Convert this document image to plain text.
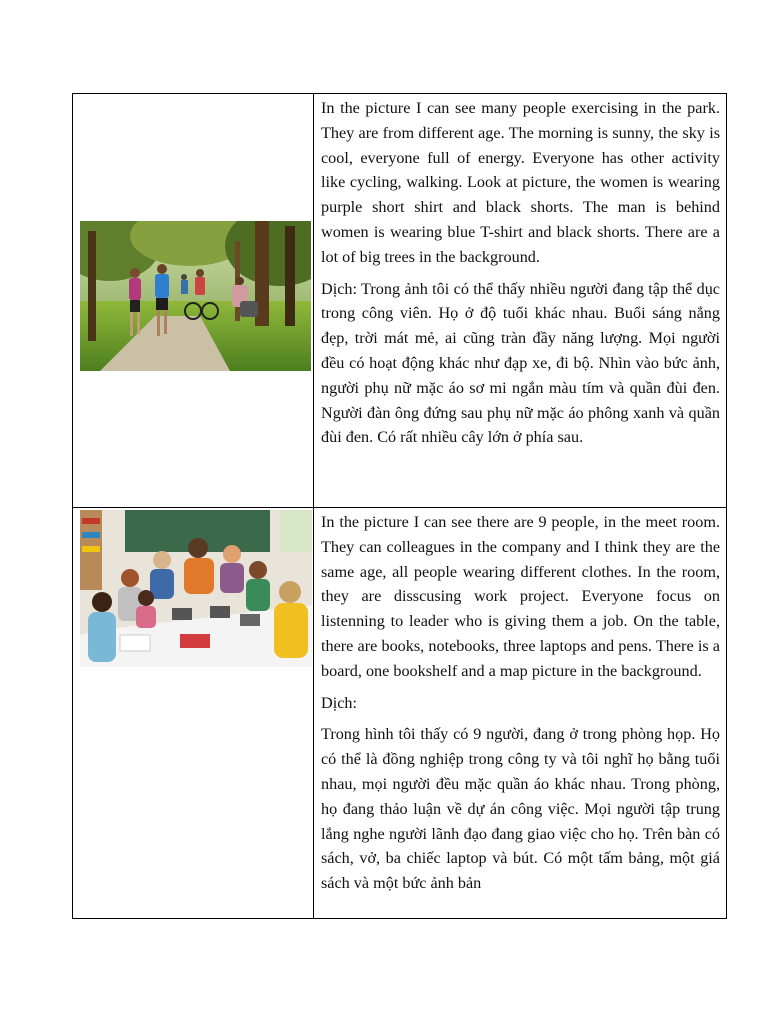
In the picture I can see many people exercising in the park. They are from different age. The morning is sunny, the sky is cool, everyone full of energy. Everyone has other activity like cycling, walking. Look at picture, the women is wearing purple short shirt and black shorts. The man is behind women is wearing blue T-shirt and black shorts. There are a lot of big trees in the background.

Dịch: Trong ảnh tôi có thể thấy nhiều người đang tập thể dục trong công viên. Họ ở độ tuổi khác nhau. Buổi sáng nắng đẹp, trời mát mẻ, ai cũng tràn đầy năng lượng. Mọi người đều có hoạt động khác như đạp xe, đi bộ. Nhìn vào bức ảnh, người phụ nữ mặc áo sơ mi ngắn màu tím và quần đùi đen. Người đàn ông đứng sau phụ nữ mặc áo phông xanh và quần đùi đen. Có rất nhiều cây lớn ở phía sau.

In the picture I can see there are 9 people, in the meet room. They can colleagues in the company and I think they are the same age, all people wearing different clothes. In the room, they are disscusing work project. Everyone focus on listenning to leader who is giving them a job. On the table, there are books, notebooks, three laptops and pens. There is a board, one bookshelf and a map picture in the background.

Dịch:

Trong hình tôi thấy có 9 người, đang ở trong phòng họp. Họ có thể là đồng nghiệp trong công ty và tôi nghĩ họ bằng tuổi nhau, mọi người đều mặc quần áo khác nhau. Trong phòng, họ đang thảo luận về dự án công việc. Mọi người tập trung lắng nghe người lãnh đạo đang giao việc cho họ. Trên bàn có sách, vở, ba chiếc laptop và bút. Có một tấm bảng, một giá sách và một bức ảnh bản
